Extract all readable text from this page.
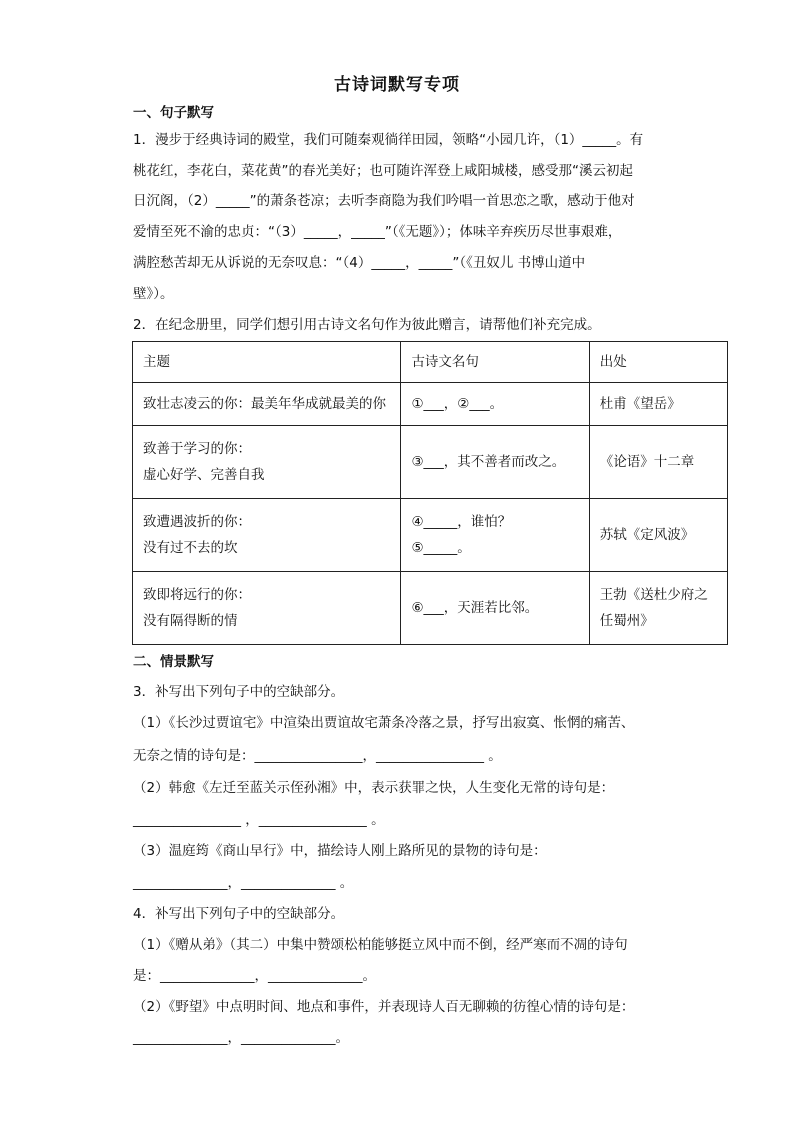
古诗词默写专项
一、句子默写
1．漫步于经典诗词的殿堂，我们可随秦观徜徉田园，领略“小园几许，（1）_____。有
桃花红，李花白，菜花黄”的春光美好；也可随许浑登上咸阳城楼，感受那“溪云初起
日沉阁，（2）_____”的萧条苍凉；去听李商隐为我们吟唱一首思恋之歌，感动于他对
爱情至死不渝的忠贞：“（3）_____，_____”（《无题》）；体味辛弃疾历尽世事艰难，
满腔愁苦却无从诉说的无奈叹息：“（4）_____，_____”（《丑奴儿 书博山道中
壁》）。
2．在纪念册里，同学们想引用古诗文名句作为彼此赠言，请帮他们补充完成。
主题	古诗文名句	出处

致壮志凌云的你：最美年华成就最美的你	①___，②___。	杜甫《望岳》

致善于学习的你：
虚心好学、完善自我	③___，其不善者而改之。	《论语》十二章

致遭遇波折的你：
没有过不去的坎	④_____，谁怕？
⑤_____。	苏轼《定风波》

致即将远行的你：
没有隔得断的情	⑥___，天涯若比邻。	王勃《送杜少府之
任蜀州》
二、情景默写
3．补写出下列句子中的空缺部分。
（1）《长沙过贾谊宅》中渲染出贾谊故宅萧条冷落之景，抒写出寂寞、怅惘的痛苦、
无奈之情的诗句是：________________，________________ 。
（2）韩愈《左迁至蓝关示侄孙湘》中，表示获罪之快，人生变化无常的诗句是：
________________ ，________________ 。
（3）温庭筠《商山早行》中，描绘诗人刚上路所见的景物的诗句是：
______________，______________ 。
4．补写出下列句子中的空缺部分。
（1）《赠从弟》（其二）中集中赞颂松柏能够挺立风中而不倒，经严寒而不凋的诗句
是：______________，______________。
（2）《野望》中点明时间、地点和事件，并表现诗人百无聊赖的彷徨心情的诗句是：
______________，______________。
